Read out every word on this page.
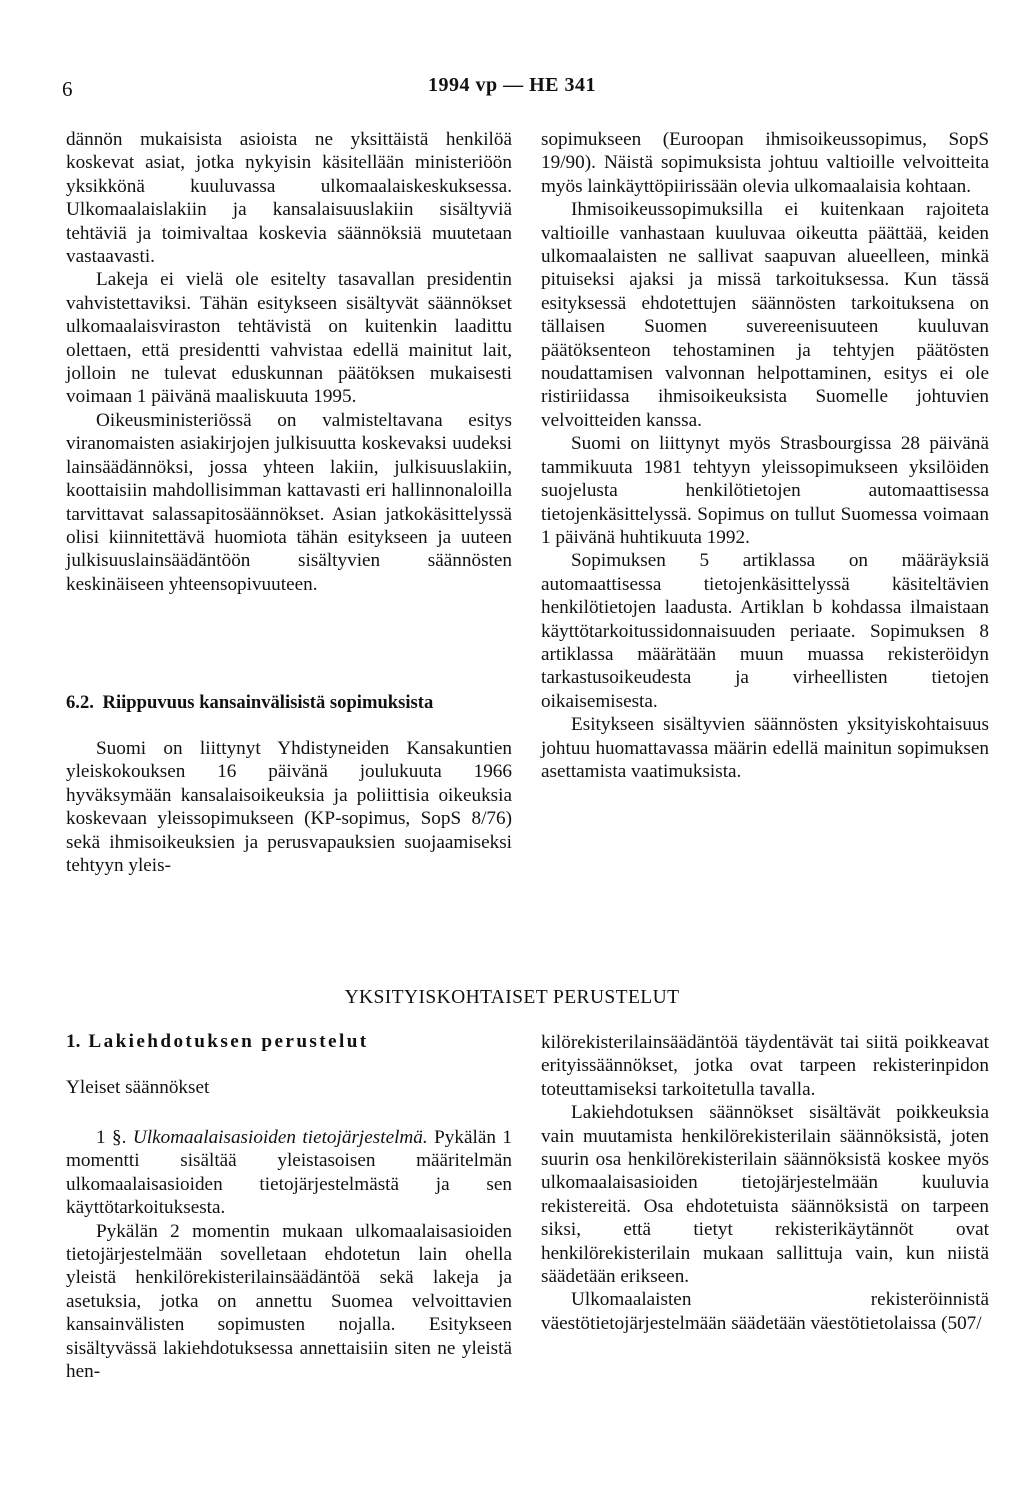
6	1994 vp — HE 341

dännön mukaisista asioista ne yksittäistä henkilöä koskevat asiat, jotka nykyisin käsitellään ministeriöön yksikkönä kuuluvassa ulkomaalaiskeskuksessa. Ulkomaalaislakiin ja kansalaisuuslakiin sisältyviä tehtäviä ja toimivaltaa koskevia säännöksiä muutetaan vastaavasti.

Lakeja ei vielä ole esitelty tasavallan presidentin vahvistettaviksi. Tähän esitykseen sisältyvät säännökset ulkomaalaisviraston tehtävistä on kuitenkin laadittu olettaen, että presidentti vahvistaa edellä mainitut lait, jolloin ne tulevat eduskunnan päätöksen mukaisesti voimaan 1 päivänä maaliskuuta 1995.

Oikeusministeriössä on valmisteltavana esitys viranomaisten asiakirjojen julkisuutta koskevaksi uudeksi lainsäädännöksi, jossa yhteen lakiin, julkisuuslakiin, koottaisiin mahdollisimman kattavasti eri hallinnonaloilla tarvittavat salassapitosäännökset. Asian jatkokäsittelyssä olisi kiinnitettävä huomiota tähän esitykseen ja uuteen julkisuuslainsäädäntöön sisältyvien säännösten keskinäiseen yhteensopivuuteen.

6.2. Riippuvuus kansainvälisistä sopimuksista

Suomi on liittynyt Yhdistyneiden Kansakuntien yleiskokouksen 16 päivänä joulukuuta 1966 hyväksymään kansalaisoikeuksia ja poliittisia oikeuksia koskevaan yleissopimukseen (KP-sopimus, SopS 8/76) sekä ihmisoikeuksien ja perusvapauksien suojaamiseksi tehtyyn yleis-

sopimukseen (Euroopan ihmisoikeussopimus, SopS 19/90). Näistä sopimuksista johtuu valtioille velvoitteita myös lainkäyttöpiirissään olevia ulkomaalaisia kohtaan.

Ihmisoikeussopimuksilla ei kuitenkaan rajoiteta valtioille vanhastaan kuuluvaa oikeutta päättää, keiden ulkomaalaisten ne sallivat saapuvan alueelleen, minkä pituiseksi ajaksi ja missä tarkoituksessa. Kun tässä esityksessä ehdotettujen säännösten tarkoituksena on tällaisen Suomen suvereenisuuteen kuuluvan päätöksenteon tehostaminen ja tehtyjen päätösten noudattamisen valvonnan helpottaminen, esitys ei ole ristiriidassa ihmisoikeuksista Suomelle johtuvien velvoitteiden kanssa.

Suomi on liittynyt myös Strasbourgissa 28 päivänä tammikuuta 1981 tehtyyn yleissopimukseen yksilöiden suojelusta henkilötietojen automaattisessa tietojenkäsittelyssä. Sopimus on tullut Suomessa voimaan 1 päivänä huhtikuuta 1992.

Sopimuksen 5 artiklassa on määräyksiä automaattisessa tietojenkäsittelyssä käsiteltävien henkilötietojen laadusta. Artiklan b kohdassa ilmaistaan käyttötarkoitussidonnaisuuden periaate. Sopimuksen 8 artiklassa määrätään muun muassa rekisteröidyn tarkastusoikeudesta ja virheellisten tietojen oikaisemisesta.

Esitykseen sisältyvien säännösten yksityiskohtaisuus johtuu huomattavassa määrin edellä mainitun sopimuksen asettamista vaatimuksista.

YKSITYISKOHTAISET PERUSTELUT
1. Lakiehdotuksen perustelut
Yleiset säännökset

1 §. Ulkomaalaisasioiden tietojärjestelmä. Pykälän 1 momentti sisältää yleistasoisen määritelmän ulkomaalaisasioiden tietojärjestelmästä ja sen käyttötarkoituksesta.

Pykälän 2 momentin mukaan ulkomaalaisasioiden tietojärjestelmään sovelletaan ehdotetun lain ohella yleistä henkilörekisterilainsäädäntöä sekä lakeja ja asetuksia, jotka on annettu Suomea velvoittavien kansainvälisten sopimusten nojalla. Esitykseen sisältyvässä lakiehdotuksessa annettaisiin siten ne yleistä hen-

kilörekisterilainsäädäntöä täydentävät tai siitä poikkeavat erityissäännökset, jotka ovat tarpeen rekisterinpidon toteuttamiseksi tarkoitetulla tavalla.

Lakiehdotuksen säännökset sisältävät poikkeuksia vain muutamista henkilörekisterilain säännöksistä, joten suurin osa henkilörekisterilain säännöksistä koskee myös ulkomaalaisasioiden tietojärjestelmään kuuluvia rekistereitä. Osa ehdotetuista säännöksistä on tarpeen siksi, että tietyt rekisterikäytännöt ovat henkilörekisterilain mukaan sallittuja vain, kun niistä säädetään erikseen.

Ulkomaalaisten rekisteröinnistä väestötietojärjestelmään säädetään väestötietolaissa (507/
